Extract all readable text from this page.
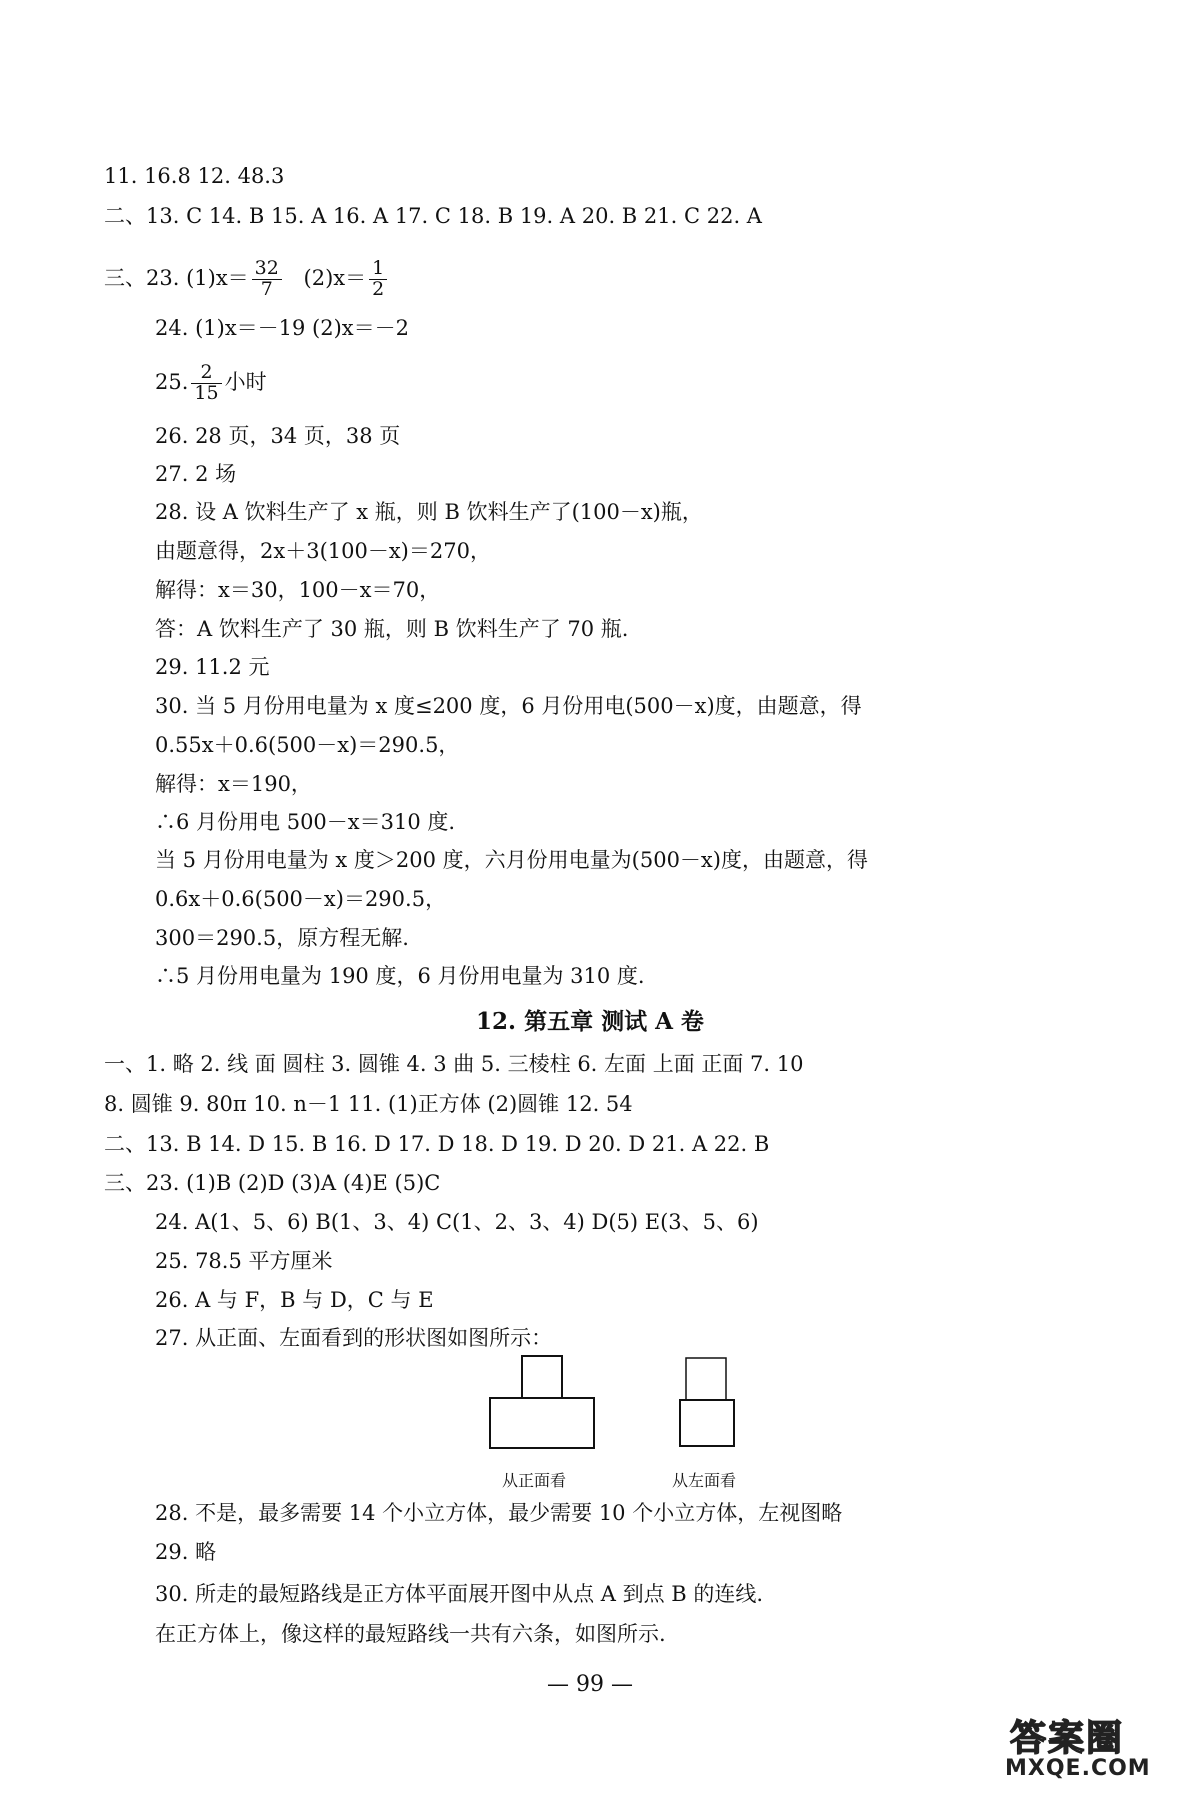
11. 16.8 12. 48.3
二、13. C 14. B 15. A 16. A 17. C 18. B 19. A 20. B 21. C 22. A
三、23. $(1)x= \frac{32}{7} (2)x= \frac{1}{2}$
24. (1)x＝－19 (2)x＝－2
25. $\frac{2}{15}$ 小时
26. 28 页，34 页，38 页
27. 2 场
28. 设 A 饮料生产了 x 瓶，则 B 饮料生产了(100－x)瓶，
由题意得，2x＋3(100－x)＝270，
解得：x＝30，100－x＝70，
答：A 饮料生产了 30 瓶，则 B 饮料生产了 70 瓶.
29. 11.2 元
30. 当 5 月份用电量为 x 度≤200 度，6 月份用电(500－x)度，由题意，得
0.55x＋0.6(500－x)＝290.5，
解得：x＝190，
∴6 月份用电 500－x＝310 度.
当 5 月份用电量为 x 度＞200 度，六月份用电量为(500－x)度，由题意，得
0.6x＋0.6(500－x)＝290.5，
300＝290.5，原方程无解.
∴5 月份用电量为 190 度，6 月份用电量为 310 度.
12. 第五章 测试 A 卷
一、1. 略 2. 线 面 圆柱 3. 圆锥 4. 3 曲 5. 三棱柱 6. 左面 上面 正面 7. 10
8. 圆锥 9. 80π 10. n－1 11. (1)正方体 (2)圆锥 12. 54
二、13. B 14. D 15. B 16. D 17. D 18. D 19. D 20. D 21. A 22. B
三、23. (1)B (2)D (3)A (4)E (5)C
24. A(1、5、6) B(1、3、4) C(1、2、3、4) D(5) E(3、5、6)
25. 78.5 平方厘米
26. A 与 F，B 与 D，C 与 E
27. 从正面、左面看到的形状图如图所示：
从正面看	从左面看
28. 不是，最多需要 14 个小立方体，最少需要 10 个小立方体，左视图略
29. 略
30. 所走的最短路线是正方体平面展开图中从点 A 到点 B 的连线.
在正方体上，像这样的最短路线一共有六条，如图所示.
— 99 —
答案圈
MXQE.COM
